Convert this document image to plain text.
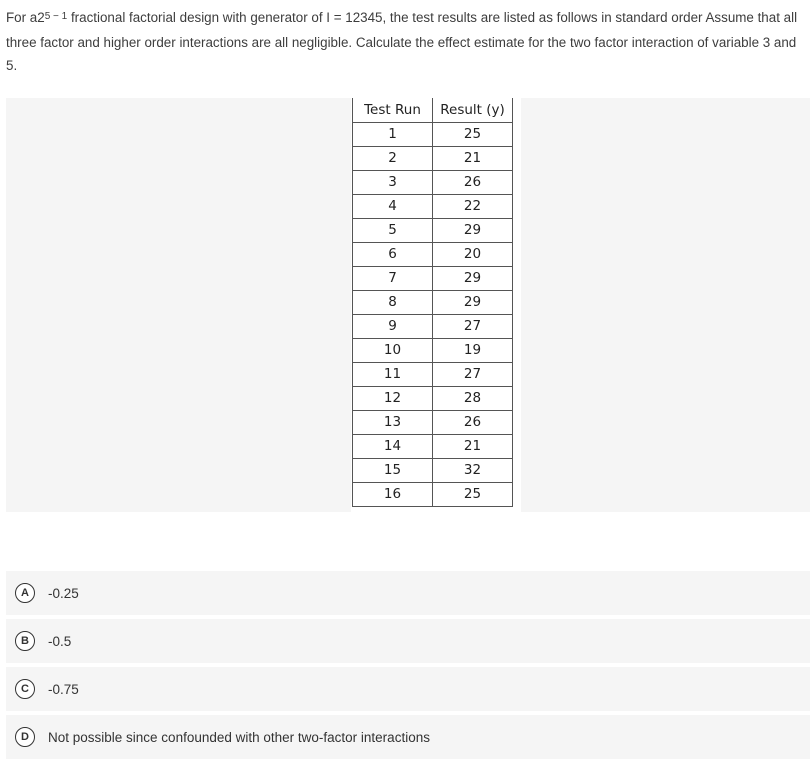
For $a2^{5 - 1}$ fractional factorial design with generator of I = 12345, the test results are listed as follows in standard order Assume that all three factor and higher order interactions are all negligible. Calculate the effect estimate for the two factor interaction of variable 3 and 5.
Test Run	Result (y)
1	25
2	21
3	26
4	22
5	29
6	20
7	29
8	29
9	27
10	19
11	27
12	28
13	26
14	21
15	32
16	25
A	-0.25
B	-0.5
C	-0.75
D	Not possible since confounded with other two-factor interactions
